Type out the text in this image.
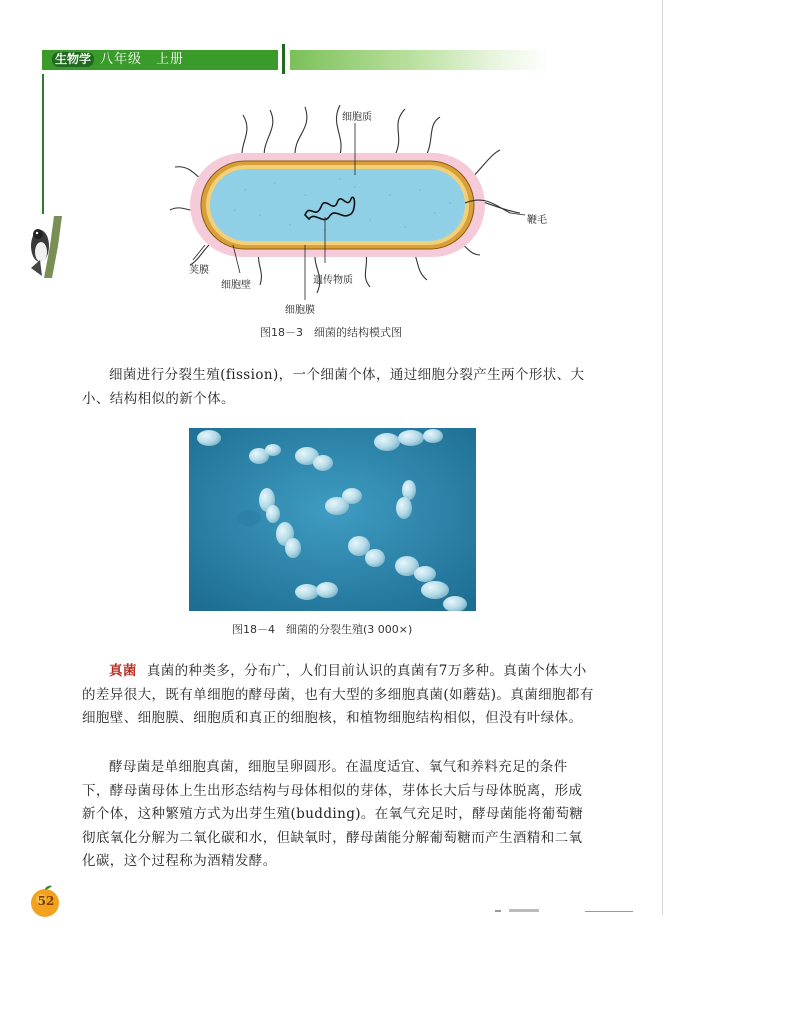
生物学 八年级　上册
细胞质
鞭毛
荚膜
细胞壁	遗传物质
细胞膜
图18－3　细菌的结构模式图
细菌进行分裂生殖(fission)，一个细菌个体，通过细胞分裂产生两个形状、大小、结构相似的新个体。
图18－4　细菌的分裂生殖(3 000×)
真菌 真菌的种类多，分布广，人们目前认识的真菌有7万多种。真菌个体大小的差异很大，既有单细胞的酵母菌，也有大型的多细胞真菌(如蘑菇)。真菌细胞都有细胞壁、细胞膜、细胞质和真正的细胞核，和植物细胞结构相似，但没有叶绿体。
酵母菌是单细胞真菌，细胞呈卵圆形。在温度适宜、氧气和养料充足的条件下，酵母菌母体上生出形态结构与母体相似的芽体，芽体长大后与母体脱离，形成新个体，这种繁殖方式为出芽生殖(budding)。在氧气充足时，酵母菌能将葡萄糖彻底氧化分解为二氧化碳和水，但缺氧时，酵母菌能分解葡萄糖而产生酒精和二氧化碳，这个过程称为酒精发酵。
52
